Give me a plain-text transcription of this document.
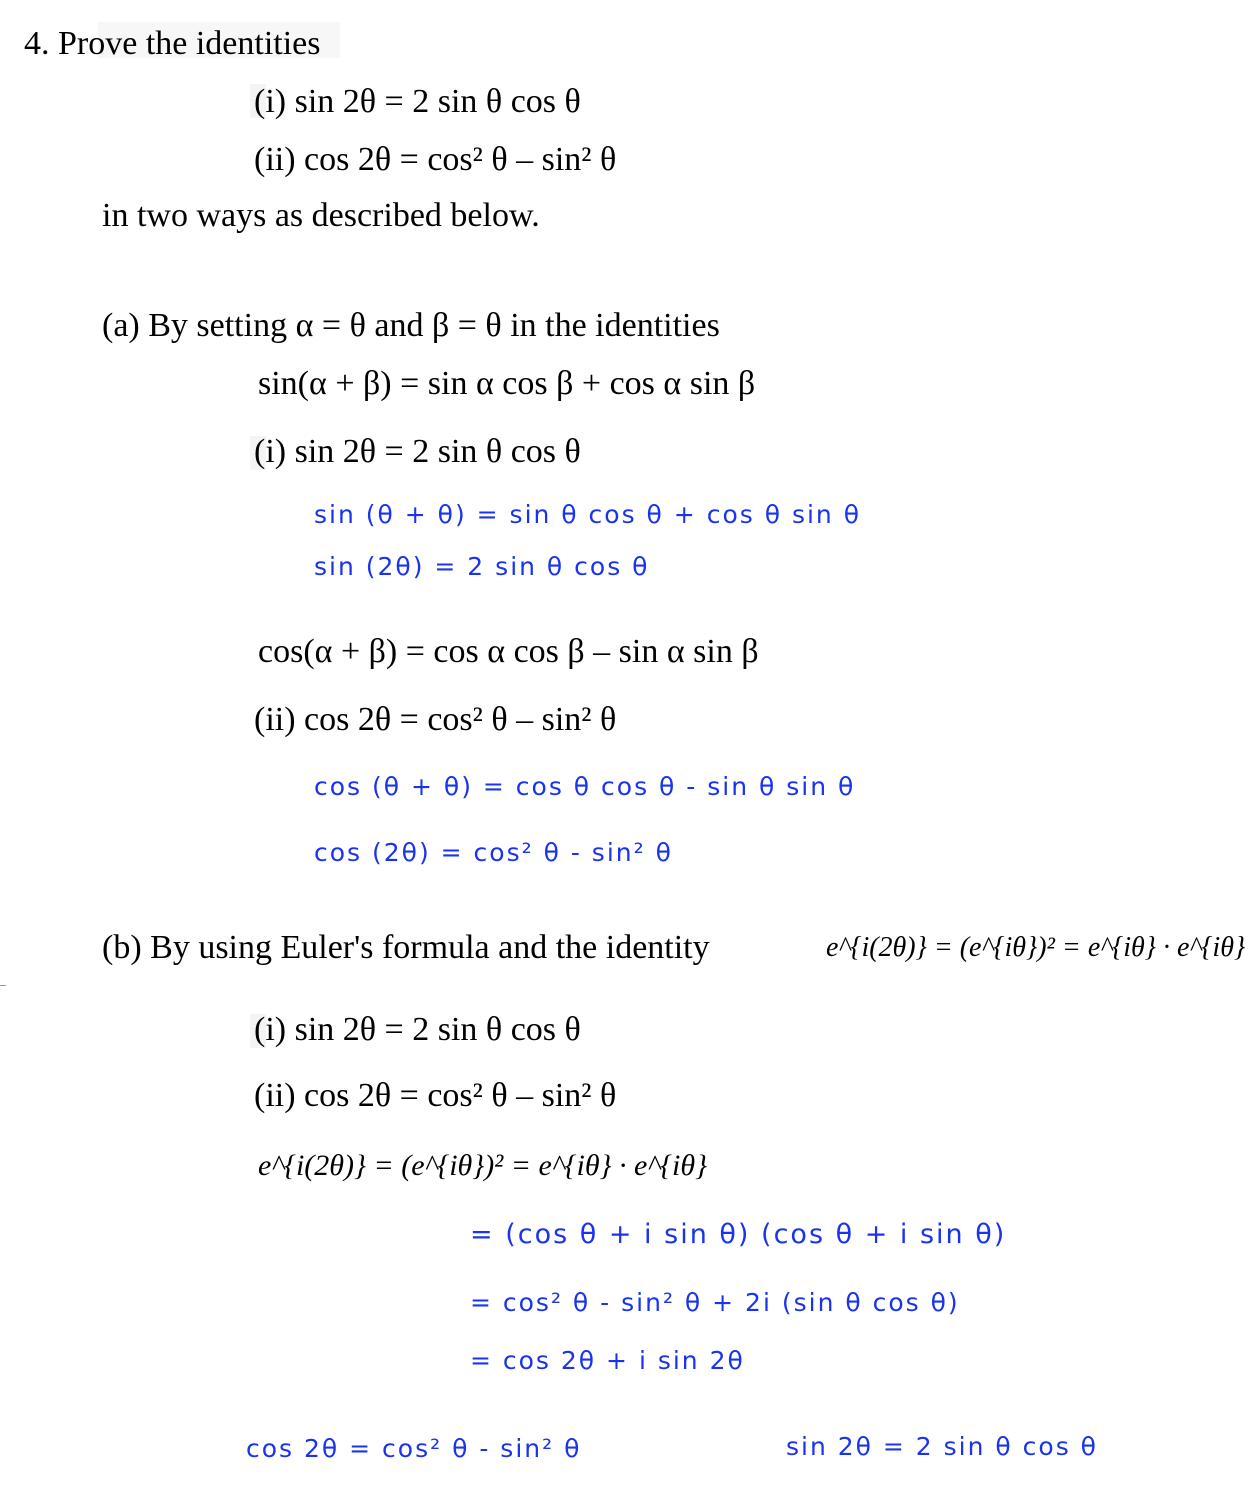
4. Prove the identities
(i) sin 2θ = 2 sin θ cos θ
(ii) cos 2θ = cos² θ – sin² θ
in two ways as described below.
(a) By setting α = θ and β = θ in the identities
sin(α + β) = sin α cos β + cos α sin β
(i) sin 2θ = 2 sin θ cos θ
sin (θ + θ) = sin θ cos θ + cos θ sin θ
sin (2θ) = 2 sin θ cos θ
cos(α + β) = cos α cos β – sin α sin β
(ii) cos 2θ = cos² θ – sin² θ
cos (θ + θ) = cos θ cos θ - sin θ sin θ
cos (2θ) = cos² θ - sin² θ
(b) By using Euler's formula and the identity	e^{i(2θ)} = (e^{iθ})² = e^{iθ} · e^{iθ}
(i) sin 2θ = 2 sin θ cos θ
(ii) cos 2θ = cos² θ – sin² θ
e^{i(2θ)} = (e^{iθ})² = e^{iθ} · e^{iθ}
= (cos θ + i sin θ) (cos θ + i sin θ)
= cos² θ - sin² θ + 2i (sin θ cos θ)
= cos 2θ + i sin 2θ
cos 2θ = cos² θ - sin² θ	sin 2θ = 2 sin θ cos θ
